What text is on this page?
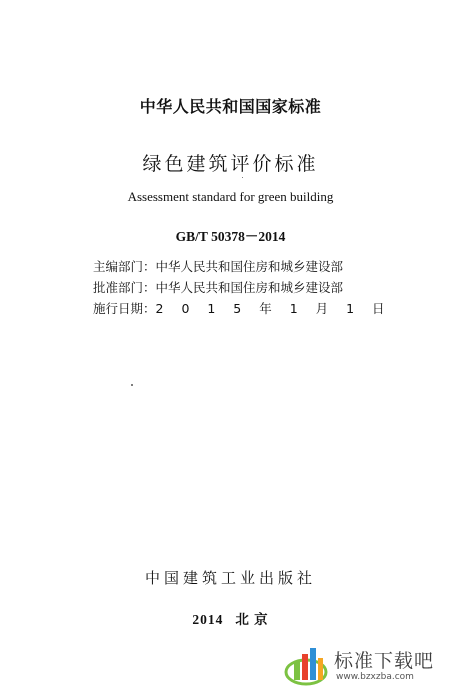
中华人民共和国国家标准
绿色建筑评价标准
Assessment standard for green building
GB/T 50378－2014
主编部门：中华人民共和国住房和城乡建设部
批准部门：中华人民共和国住房和城乡建设部
施行日期：2 0 1 5 年 1 月 1 日
中国建筑工业出版社
2014 北 京
标准下载吧
www.bzxzba.com
